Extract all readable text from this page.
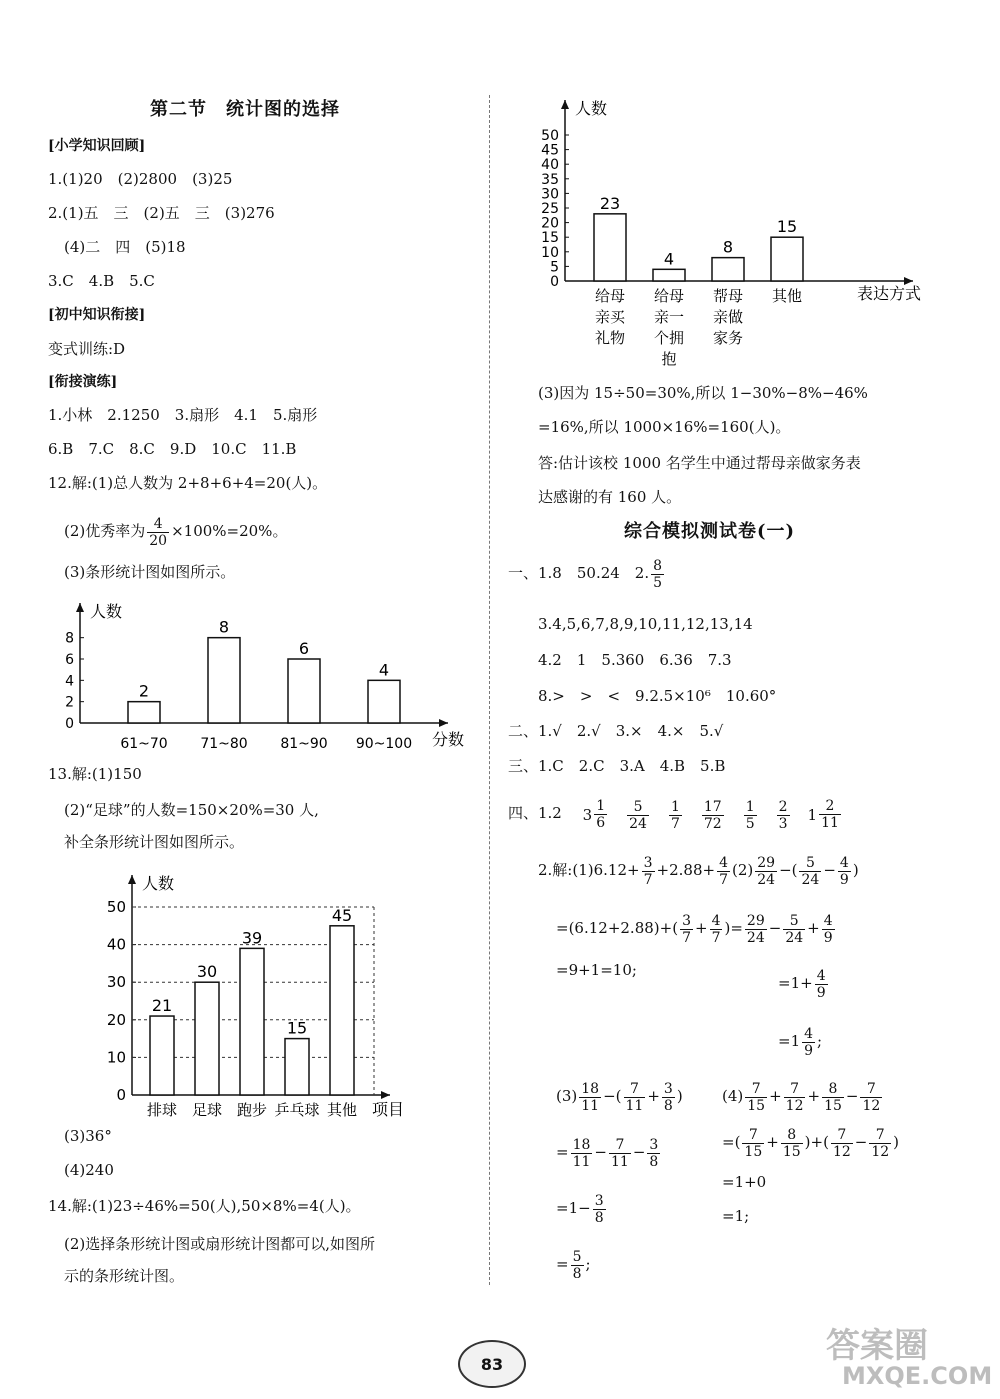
第二节　统计图的选择
[小学知识回顾]
1.(1)20　(2)2800　(3)25
2.(1)五　三　(2)五　三　(3)276
(4)二　四　(5)18
3.C　4.B　5.C
[初中知识衔接]
变式训练:D
[衔接演练]
1.小林　2.1250　3.扇形　4.1　5.扇形
6.B　7.C　8.C　9.D　10.C　11.B
12.解:(1)总人数为 2+8+6+4=20(人)。
(2)优秀率为 $\frac{4}{20} \times 100\%=20\%$。
(3)条形统计图如图所示。
人数
分数
0
2
4
6
8
2
61~70
8
71~80
6
81~90
4
90~100
13.解:(1)150
(2)“足球”的人数=150×20%=30 人,
补全条形统计图如图所示。
人数
项目
0
10
20
30
40
50
21
排球
30
足球
39
跑步
15
乒乓球
45
其他
(3)36°
(4)240
14.解:(1)23÷46%=50(人),50×8%=4(人)。
(2)选择条形统计图或扇形统计图都可以,如图所
示的条形统计图。
人数
表达方式
0
5
10
15
20
25
30
35
40
45
50
23
给母
亲买
礼物
4
给母
亲一
个拥
抱
8
帮母
亲做
家务
15
其他
(3)因为 15÷50=30%,所以 1−30%−8%−46%
=16%,所以 1000×16%=160(人)。
答:估计该校 1000 名学生中通过帮母亲做家务表
达感谢的有 160 人。
综合模拟测试卷(一)
一、1.8　50.24　2. $\frac{8}{5}$
3.4,5,6,7,8,9,10,11,12,13,14
4.2　1　5.360　6.36　7.3
8.>　>　<　9.2.5×10⁶　10.60°
二、1.√　2.√　3.×　4.×　5.√
三、1.C　2.C　3.A　4.B　5.B
四、1.2 $3 \frac{1}{6} \frac{5}{24} \frac{1}{7} \frac{17}{72} \frac{1}{5} \frac{2}{3} 1 \frac{2}{11}$
2.解:(1)6.12+ $\frac{3}{7} +2.88+ \frac{4}{7} (2) \frac{29}{24}$ −( $\frac{5}{24} - \frac{4}{9}$ )
$=(6.12+2.88)+( \frac{3}{7} + \frac{4}{7}$ )= $\frac{29}{24} - \frac{5}{24} + \frac{4}{9}$
=9+1=10;
$=1+ \frac{4}{9}$
$=1 \frac{4}{9}$ ;
$(3) \frac{18}{11}$ −( $\frac{7}{11} + \frac{3}{8}$ )	$(4) \frac{7}{15} + \frac{7}{12} + \frac{8}{15} - \frac{7}{12}$
= $\frac{18}{11} - \frac{7}{11} - \frac{3}{8}$	=( $\frac{7}{15} + \frac{8}{15}$ )+( $\frac{7}{12} - \frac{7}{12}$ )
=1+0
=1;
$=1- \frac{3}{8}$
= $\frac{5}{8}$ ;
83	答案圈
MXQE.COM
